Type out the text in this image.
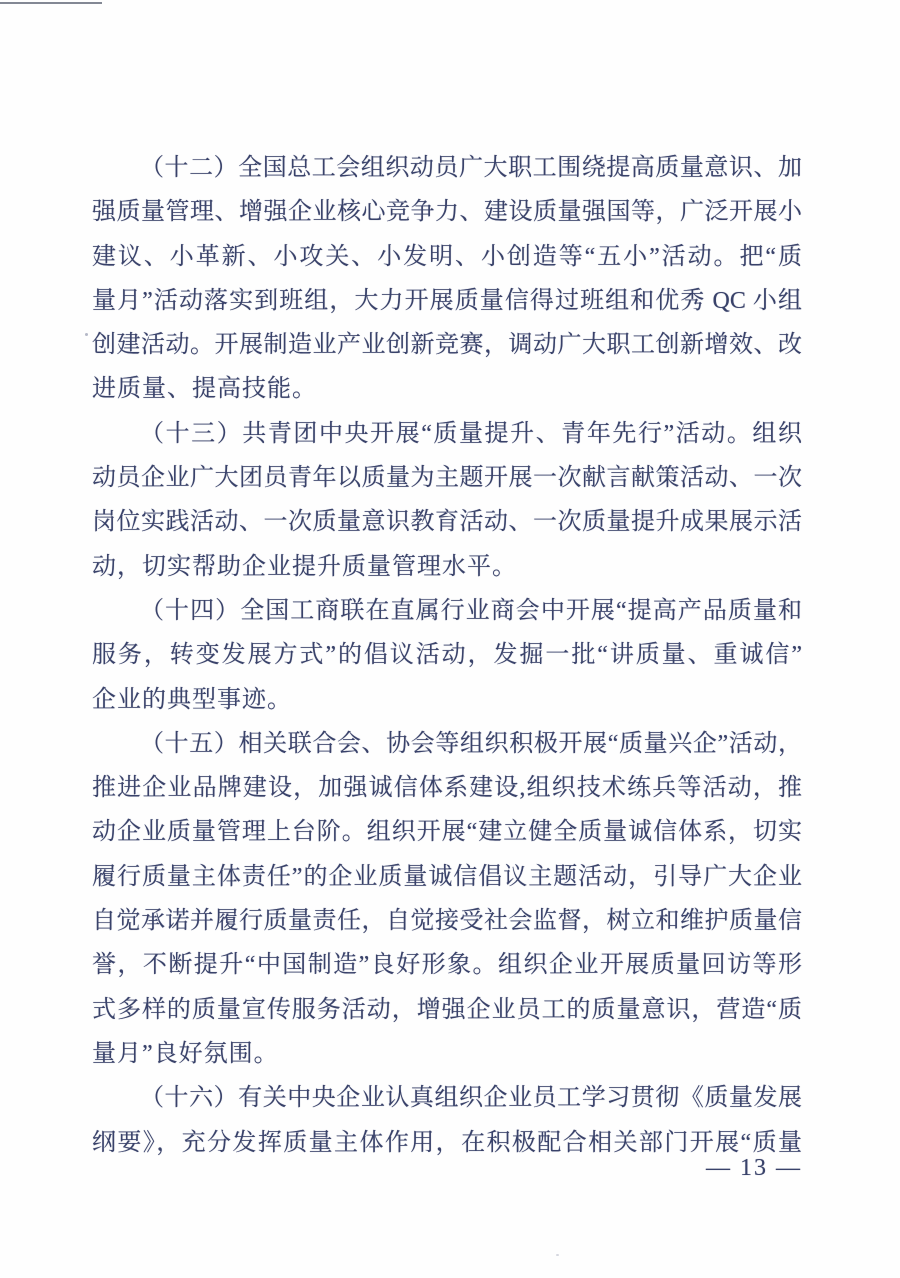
（十二）全国总工会组织动员广大职工围绕提高质量意识、加
强质量管理、增强企业核心竞争力、建设质量强国等，广泛开展小
建议、小革新、小攻关、小发明、小创造等“五小”活动。把“质
量月”活动落实到班组，大力开展质量信得过班组和优秀 QC 小组
创建活动。开展制造业产业创新竞赛，调动广大职工创新增效、改
进质量、提高技能。
（十三）共青团中央开展“质量提升、青年先行”活动。组织
动员企业广大团员青年以质量为主题开展一次献言献策活动、一次
岗位实践活动、一次质量意识教育活动、一次质量提升成果展示活
动，切实帮助企业提升质量管理水平。
（十四）全国工商联在直属行业商会中开展“提高产品质量和
服务，转变发展方式”的倡议活动，发掘一批“讲质量、重诚信”
企业的典型事迹。
（十五）相关联合会、协会等组织积极开展“质量兴企”活动，
推进企业品牌建设，加强诚信体系建设,组织技术练兵等活动，推
动企业质量管理上台阶。组织开展“建立健全质量诚信体系，切实
履行质量主体责任”的企业质量诚信倡议主题活动，引导广大企业
自觉承诺并履行质量责任，自觉接受社会监督，树立和维护质量信
誉，不断提升“中国制造”良好形象。组织企业开展质量回访等形
式多样的质量宣传服务活动，增强企业员工的质量意识，营造“质
量月”良好氛围。
（十六）有关中央企业认真组织企业员工学习贯彻《质量发展
纲要》，充分发挥质量主体作用，在积极配合相关部门开展“质量
— 13 —
